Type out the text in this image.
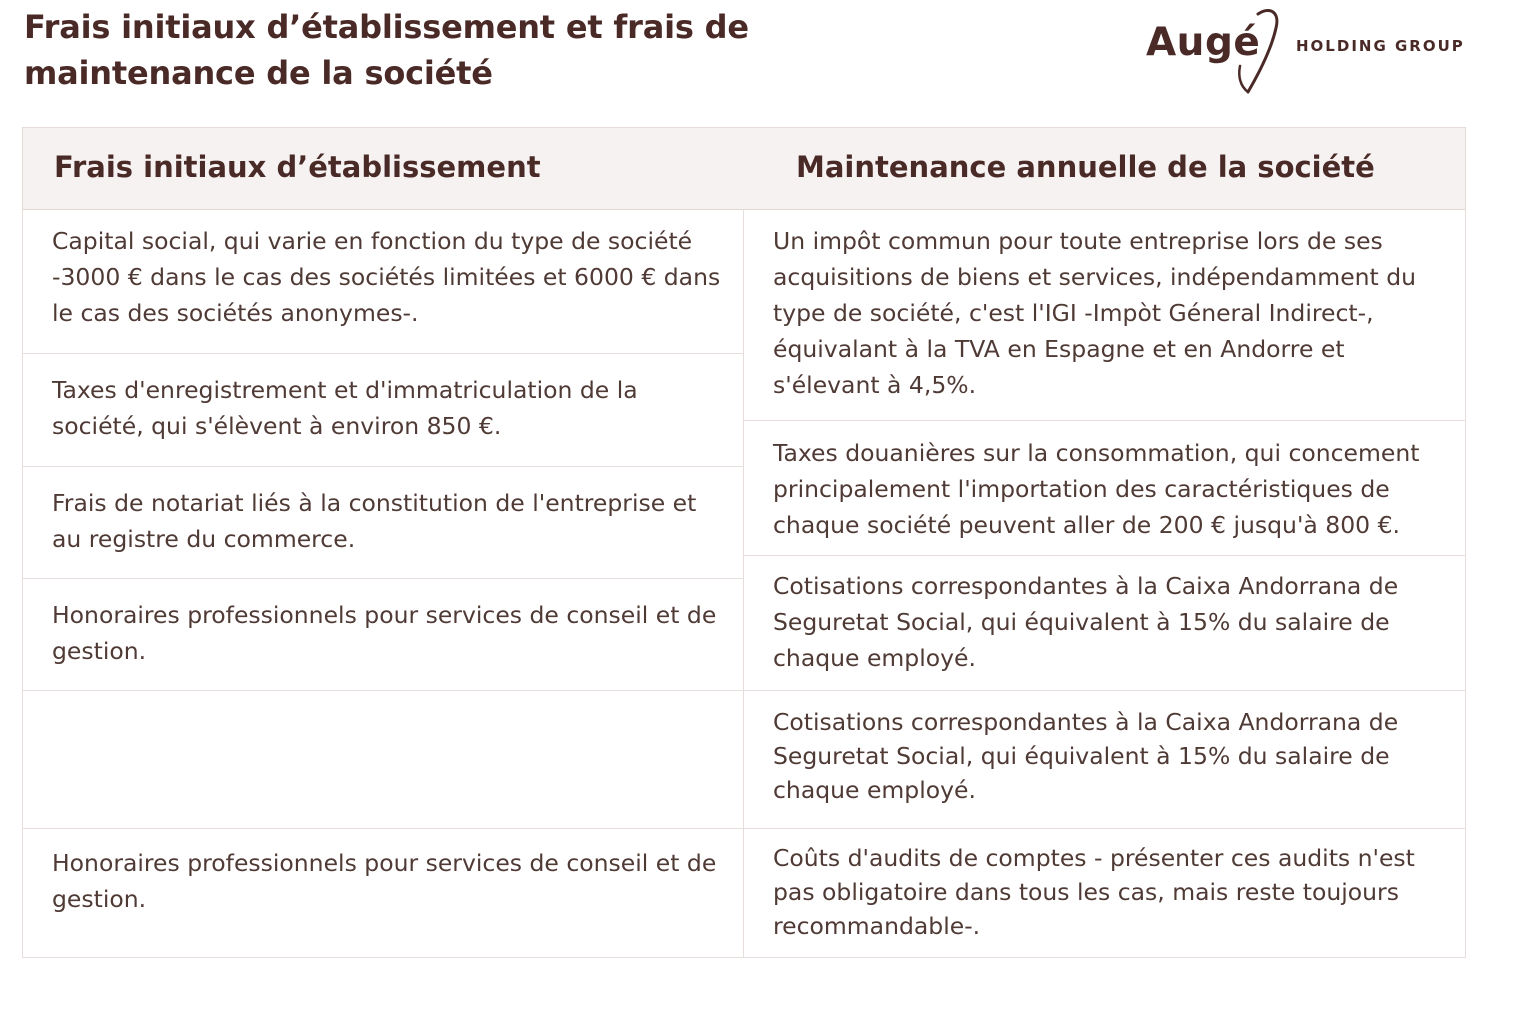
Frais initiaux d’établissement et frais de maintenance de la société
Augé HOLDING GROUP
Frais initiaux d’établissement	Maintenance annuelle de la société
Capital social, qui varie en fonction du type de société -3000 € dans le cas des sociétés limitées et 6000 € dans le cas des sociétés anonymes-.
Taxes d'enregistrement et d'immatriculation de la société, qui s'élèvent à environ 850 €.
Frais de notariat liés à la constitution de l'entreprise et au registre du commerce.
Honoraires professionnels pour services de conseil et de gestion.
Honoraires professionnels pour services de conseil et de gestion.
Un impôt commun pour toute entreprise lors de ses acquisitions de biens et services, indépendamment du type de société, c'est l'IGI -Impòt Géneral Indirect-, équivalant à la TVA en Espagne et en Andorre et s'élevant à 4,5%.
Taxes douanières sur la consommation, qui concement principalement l'importation des caractéristiques de chaque société peuvent aller de 200 € jusqu'à 800 €.
Cotisations correspondantes à la Caixa Andorrana de Seguretat Social, qui équivalent à 15% du salaire de chaque employé.
Cotisations correspondantes à la Caixa Andorrana de Seguretat Social, qui équivalent à 15% du salaire de chaque employé.
Coûts d'audits de comptes - présenter ces audits n'est pas obligatoire dans tous les cas, mais reste toujours recommandable-.
